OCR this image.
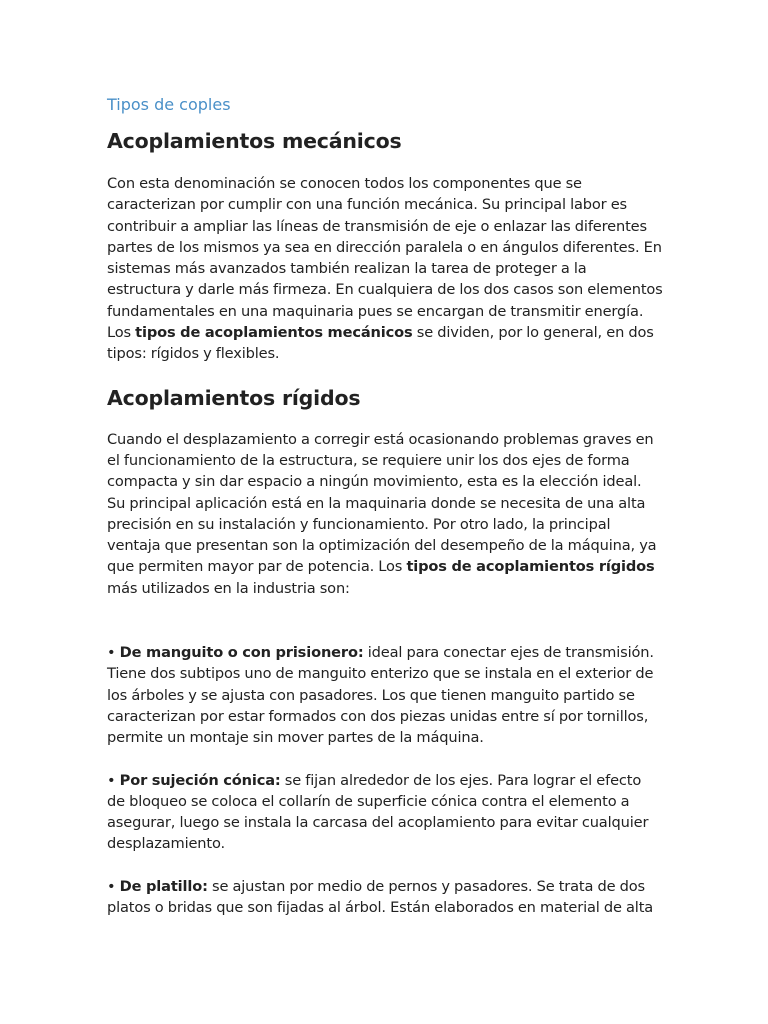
Tipos de coples
Acoplamientos mecánicos

Con esta denominación se conocen todos los componentes que se caracterizan por cumplir con una función mecánica. Su principal labor es contribuir a ampliar las líneas de transmisión de eje o enlazar las diferentes partes de los mismos ya sea en dirección paralela o en ángulos diferentes. En sistemas más avanzados también realizan la tarea de proteger a la estructura y darle más firmeza. En cualquiera de los dos casos son elementos fundamentales en una maquinaria pues se encargan de transmitir energía. Los tipos de acoplamientos mecánicos se dividen, por lo general, en dos tipos: rígidos y flexibles.

Acoplamientos rígidos

Cuando el desplazamiento a corregir está ocasionando problemas graves en el funcionamiento de la estructura, se requiere unir los dos ejes de forma compacta y sin dar espacio a ningún movimiento, esta es la elección ideal. Su principal aplicación está en la maquinaria donde se necesita de una alta precisión en su instalación y funcionamiento. Por otro lado, la principal ventaja que presentan son la optimización del desempeño de la máquina, ya que permiten mayor par de potencia. Los tipos de acoplamientos rígidos más utilizados en la industria son:

• De manguito o con prisionero: ideal para conectar ejes de transmisión. Tiene dos subtipos uno de manguito enterizo que se instala en el exterior de los árboles y se ajusta con pasadores. Los que tienen manguito partido se caracterizan por estar formados con dos piezas unidas entre sí por tornillos, permite un montaje sin mover partes de la máquina.

• Por sujeción cónica: se fijan alrededor de los ejes. Para lograr el efecto de bloqueo se coloca el collarín de superficie cónica contra el elemento a asegurar, luego se instala la carcasa del acoplamiento para evitar cualquier desplazamiento.

• De platillo: se ajustan por medio de pernos y pasadores. Se trata de dos platos o bridas que son fijadas al árbol. Están elaborados en material de alta
